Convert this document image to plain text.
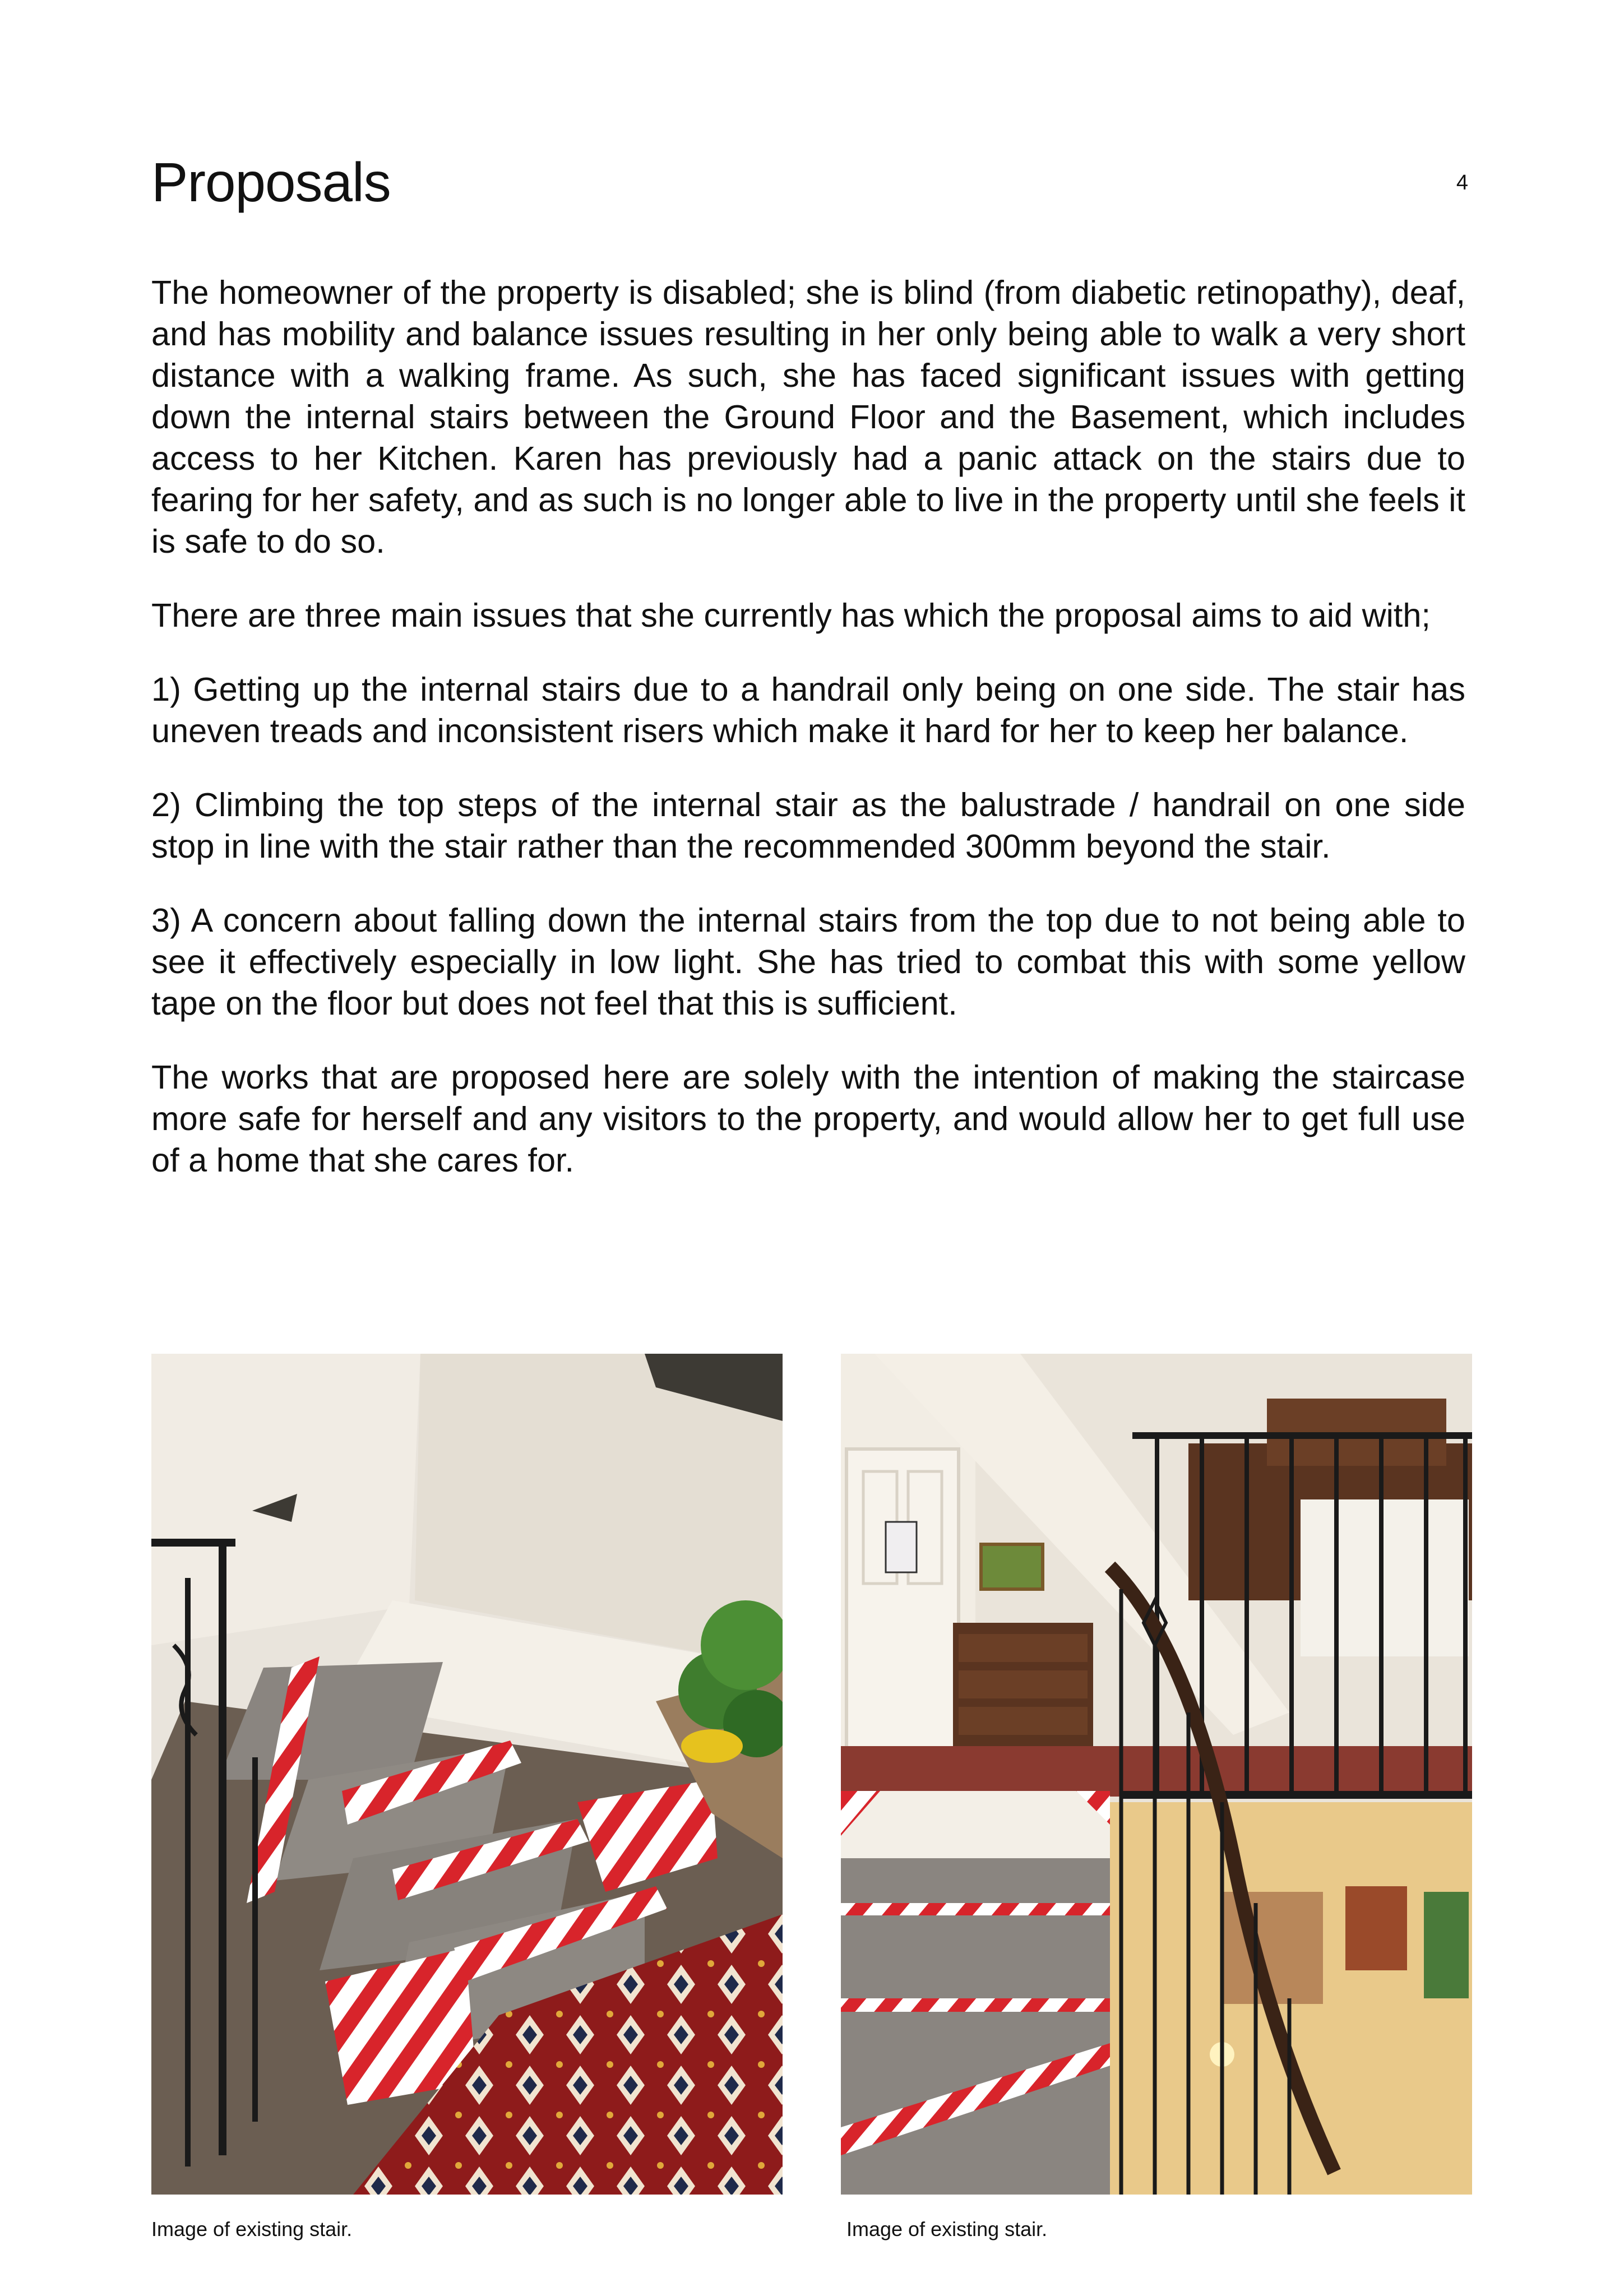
Proposals	4

The homeowner of the property is disabled; she is blind (from diabetic retinopathy), deaf, and has mobility and balance issues resulting in her only being able to walk a very short distance with a walking frame. As such, she has faced significant issues with getting down the internal stairs between the Ground Floor and the Basement, which includes access to her Kitchen. Karen has previously had a panic attack on the stairs due to fearing for her safety, and as such is no longer able to live in the property until she feels it is safe to do so.

There are three main issues that she currently has which the proposal aims to aid with;

1) Getting up the internal stairs due to a handrail only being on one side. The stair has uneven treads and inconsistent risers which make it hard for her to keep her balance.

2) Climbing the top steps of the internal stair as the balustrade / handrail on one side stop in line with the stair rather than the recommended 300mm beyond the stair.

3) A concern about falling down the internal stairs from the top due to not being able to see it effectively especially in low light. She has tried to combat this with some yellow tape on the floor but does not feel that this is sufficient.

The works that are proposed here are solely with the intention of making the staircase more safe for herself and any visitors to the property, and would allow her to get full use of a home that she cares for.

Image of existing stair.	Image of existing stair.
